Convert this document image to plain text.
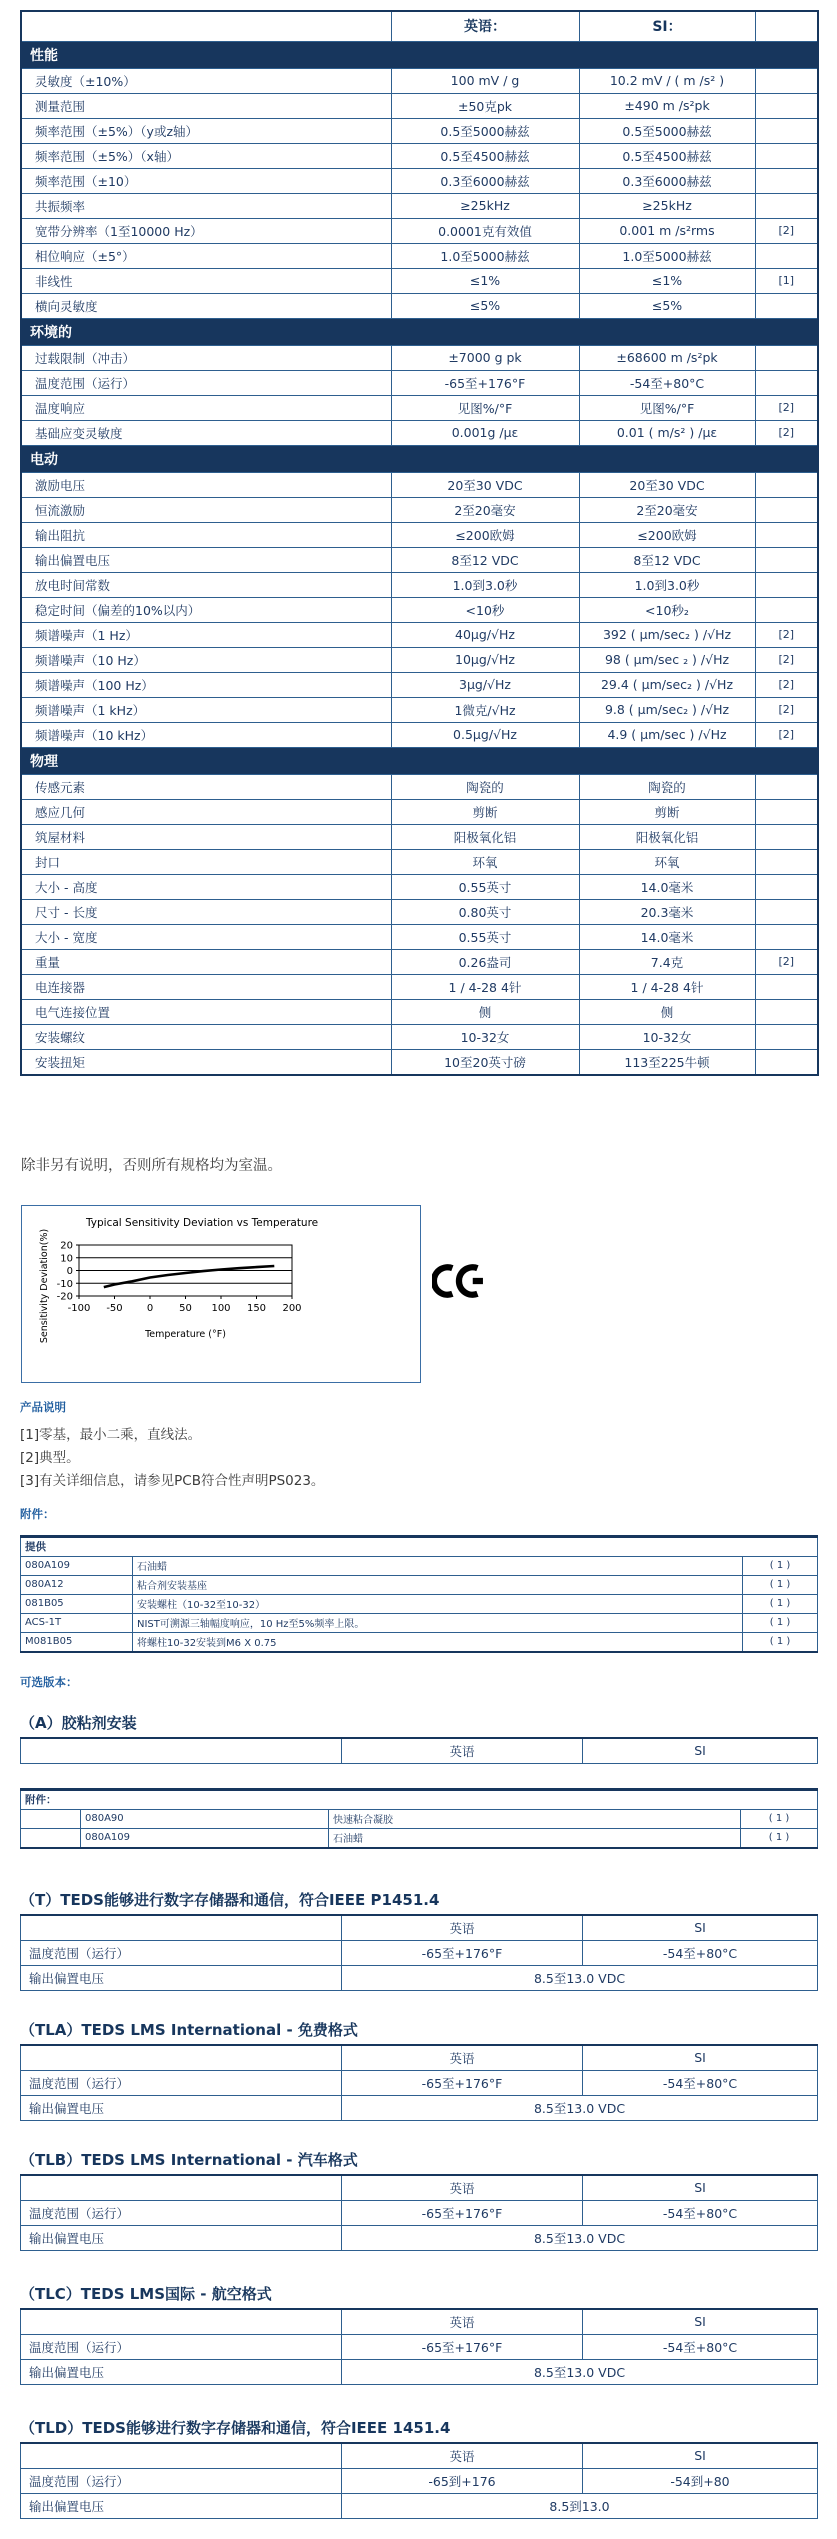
	英语：	SI：	
性能			
灵敏度（±10%）	100 mV / g	10.2 mV / ( m /s² )	
测量范围	±50克pk	±490 m /s²pk	
频率范围（±5%）（y或z轴）	0.5至5000赫兹	0.5至5000赫兹	
频率范围（±5%）（x轴）	0.5至4500赫兹	0.5至4500赫兹	
频率范围（±10）	0.3至6000赫兹	0.3至6000赫兹	
共振频率	≥25kHz	≥25kHz	
宽带分辨率（1至10000 Hz）	0.0001克有效值	0.001 m /s²rms	[2]
相位响应（±5°）	1.0至5000赫兹	1.0至5000赫兹	
非线性	≤1%	≤1%	[1]
横向灵敏度	≤5%	≤5%	
环境的			
过载限制（冲击）	±7000 g pk	±68600 m /s²pk	
温度范围（运行）	-65至+176°F	-54至+80°C	
温度响应	见图%/°F	见图%/°F	[2]
基础应变灵敏度	0.001g /με	0.01 ( m/s² ) /με	[2]
电动			
激励电压	20至30 VDC	20至30 VDC	
恒流激励	2至20毫安	2至20毫安	
输出阻抗	≤200欧姆	≤200欧姆	
输出偏置电压	8至12 VDC	8至12 VDC	
放电时间常数	1.0到3.0秒	1.0到3.0秒	
稳定时间（偏差的10%以内）	<10秒	<10秒₂	
频谱噪声（1 Hz）	40μg/√Hz	392 ( μm/sec₂ ) /√Hz	[2]
频谱噪声（10 Hz）	10μg/√Hz	98 ( μm/sec ₂ ) /√Hz	[2]
频谱噪声（100 Hz）	3μg/√Hz	29.4 ( μm/sec₂ ) /√Hz	[2]
频谱噪声（1 kHz）	1微克/√Hz	9.8 ( μm/sec₂ ) /√Hz	[2]
频谱噪声（10 kHz）	0.5μg/√Hz	4.9 ( μm/sec ) /√Hz	[2]
物理			
传感元素	陶瓷的	陶瓷的	
感应几何	剪断	剪断	
筑屋材料	阳极氧化铝	阳极氧化铝	
封口	环氧	环氧	
大小 - 高度	0.55英寸	14.0毫米	
尺寸 - 长度	0.80英寸	20.3毫米	
大小 - 宽度	0.55英寸	14.0毫米	
重量	0.26盎司	7.4克	[2]
电连接器	1 / 4-28 4针	1 / 4-28 4针	
电气连接位置	侧	侧	
安装螺纹	10-32女	10-32女	
安装扭矩	10至20英寸磅	113至225牛顿	
除非另有说明，否则所有规格均为室温。
Typical Sensitivity Deviation vs Temperature
Sensitivity Deviation(%) 20
10
0
-10
-20
-100 -50 0	50 100 150 200
Temperature (°F)
产品说明
[1]零基，最小二乘，直线法。
[2]典型。
[3]有关详细信息，请参见PCB符合性声明PS023。
附件：
提供		
080A109	石油蜡	( 1 )
080A12	粘合剂安装基座	( 1 )
081B05	安装螺柱（10-32至10-32）	( 1 )
ACS-1T	NIST可溯源三轴幅度响应，10 Hz至5%频率上限。	( 1 )
M081B05	将螺柱10-32安装到M6 X 0.75	( 1 )
可选版本：
（A）胶粘剂安装
	英语	SI
附件：			
	080A90	快速粘合凝胶	( 1 )
	080A109	石油蜡	( 1 )
（T）TEDS能够进行数字存储器和通信，符合IEEE P1451.4
	英语	SI
温度范围（运行）	-65至+176°F	-54至+80°C
输出偏置电压	8.5至13.0 VDC	
（TLA）TEDS LMS International - 免费格式
	英语	SI
温度范围（运行）	-65至+176°F	-54至+80°C
输出偏置电压	8.5至13.0 VDC	
（TLB）TEDS LMS International - 汽车格式
	英语	SI
温度范围（运行）	-65至+176°F	-54至+80°C
输出偏置电压	8.5至13.0 VDC	
（TLC）TEDS LMS国际 - 航空格式
	英语	SI
温度范围（运行）	-65至+176°F	-54至+80°C
输出偏置电压	8.5至13.0 VDC	
（TLD）TEDS能够进行数字存储器和通信，符合IEEE 1451.4
	英语	SI
温度范围（运行）	-65到+176	-54到+80
输出偏置电压	8.5到13.0	
